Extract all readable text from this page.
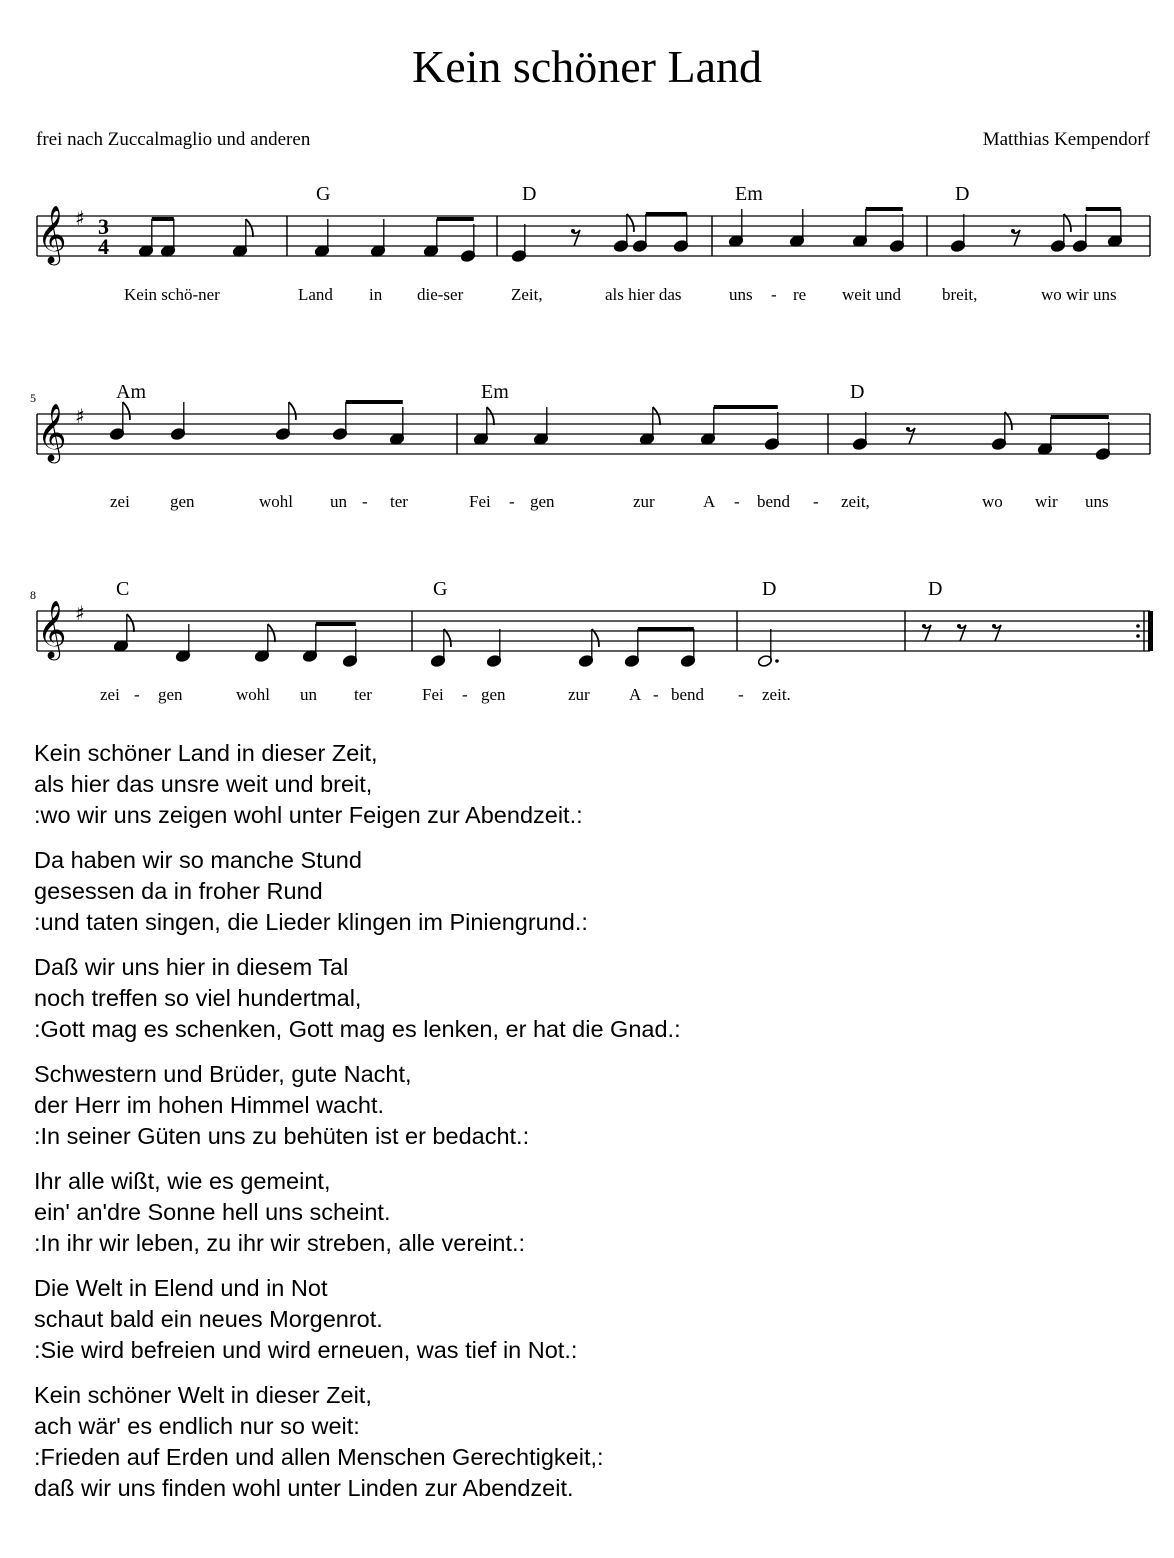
Kein schöner Land
frei nach Zuccalmaglio und anderen	Matthias Kempendorf
𝄞
𝄞
𝄞
♯
♯
♯
3
4
5
8
G	D	Em	D
Am	Em	D
C	G	D	D
Kein schö-ner	Land in die-ser	Zeit,	als hier das	uns - re weit und breit,	wo wir uns
zei gen	wohl un - ter	Fei - gen	zur	A - bend - zeit,	wo wir uns
zei - gen	wohl un ter	Fei - gen	zur A - bend - zeit.
Kein schöner Land in dieser Zeit,
als hier das unsre weit und breit,
:wo wir uns zeigen wohl unter Feigen zur Abendzeit.:
Da haben wir so manche Stund
gesessen da in froher Rund
:und taten singen, die Lieder klingen im Piniengrund.:
Daß wir uns hier in diesem Tal
noch treffen so viel hundertmal,
:Gott mag es schenken, Gott mag es lenken, er hat die Gnad.:
Schwestern und Brüder, gute Nacht,
der Herr im hohen Himmel wacht.
:In seiner Güten uns zu behüten ist er bedacht.:
Ihr alle wißt, wie es gemeint,
ein' an'dre Sonne hell uns scheint.
:In ihr wir leben, zu ihr wir streben, alle vereint.:
Die Welt in Elend und in Not
schaut bald ein neues Morgenrot.
:Sie wird befreien und wird erneuen, was tief in Not.:
Kein schöner Welt in dieser Zeit,
ach wär' es endlich nur so weit:
:Frieden auf Erden und allen Menschen Gerechtigkeit,:
daß wir uns finden wohl unter Linden zur Abendzeit.
